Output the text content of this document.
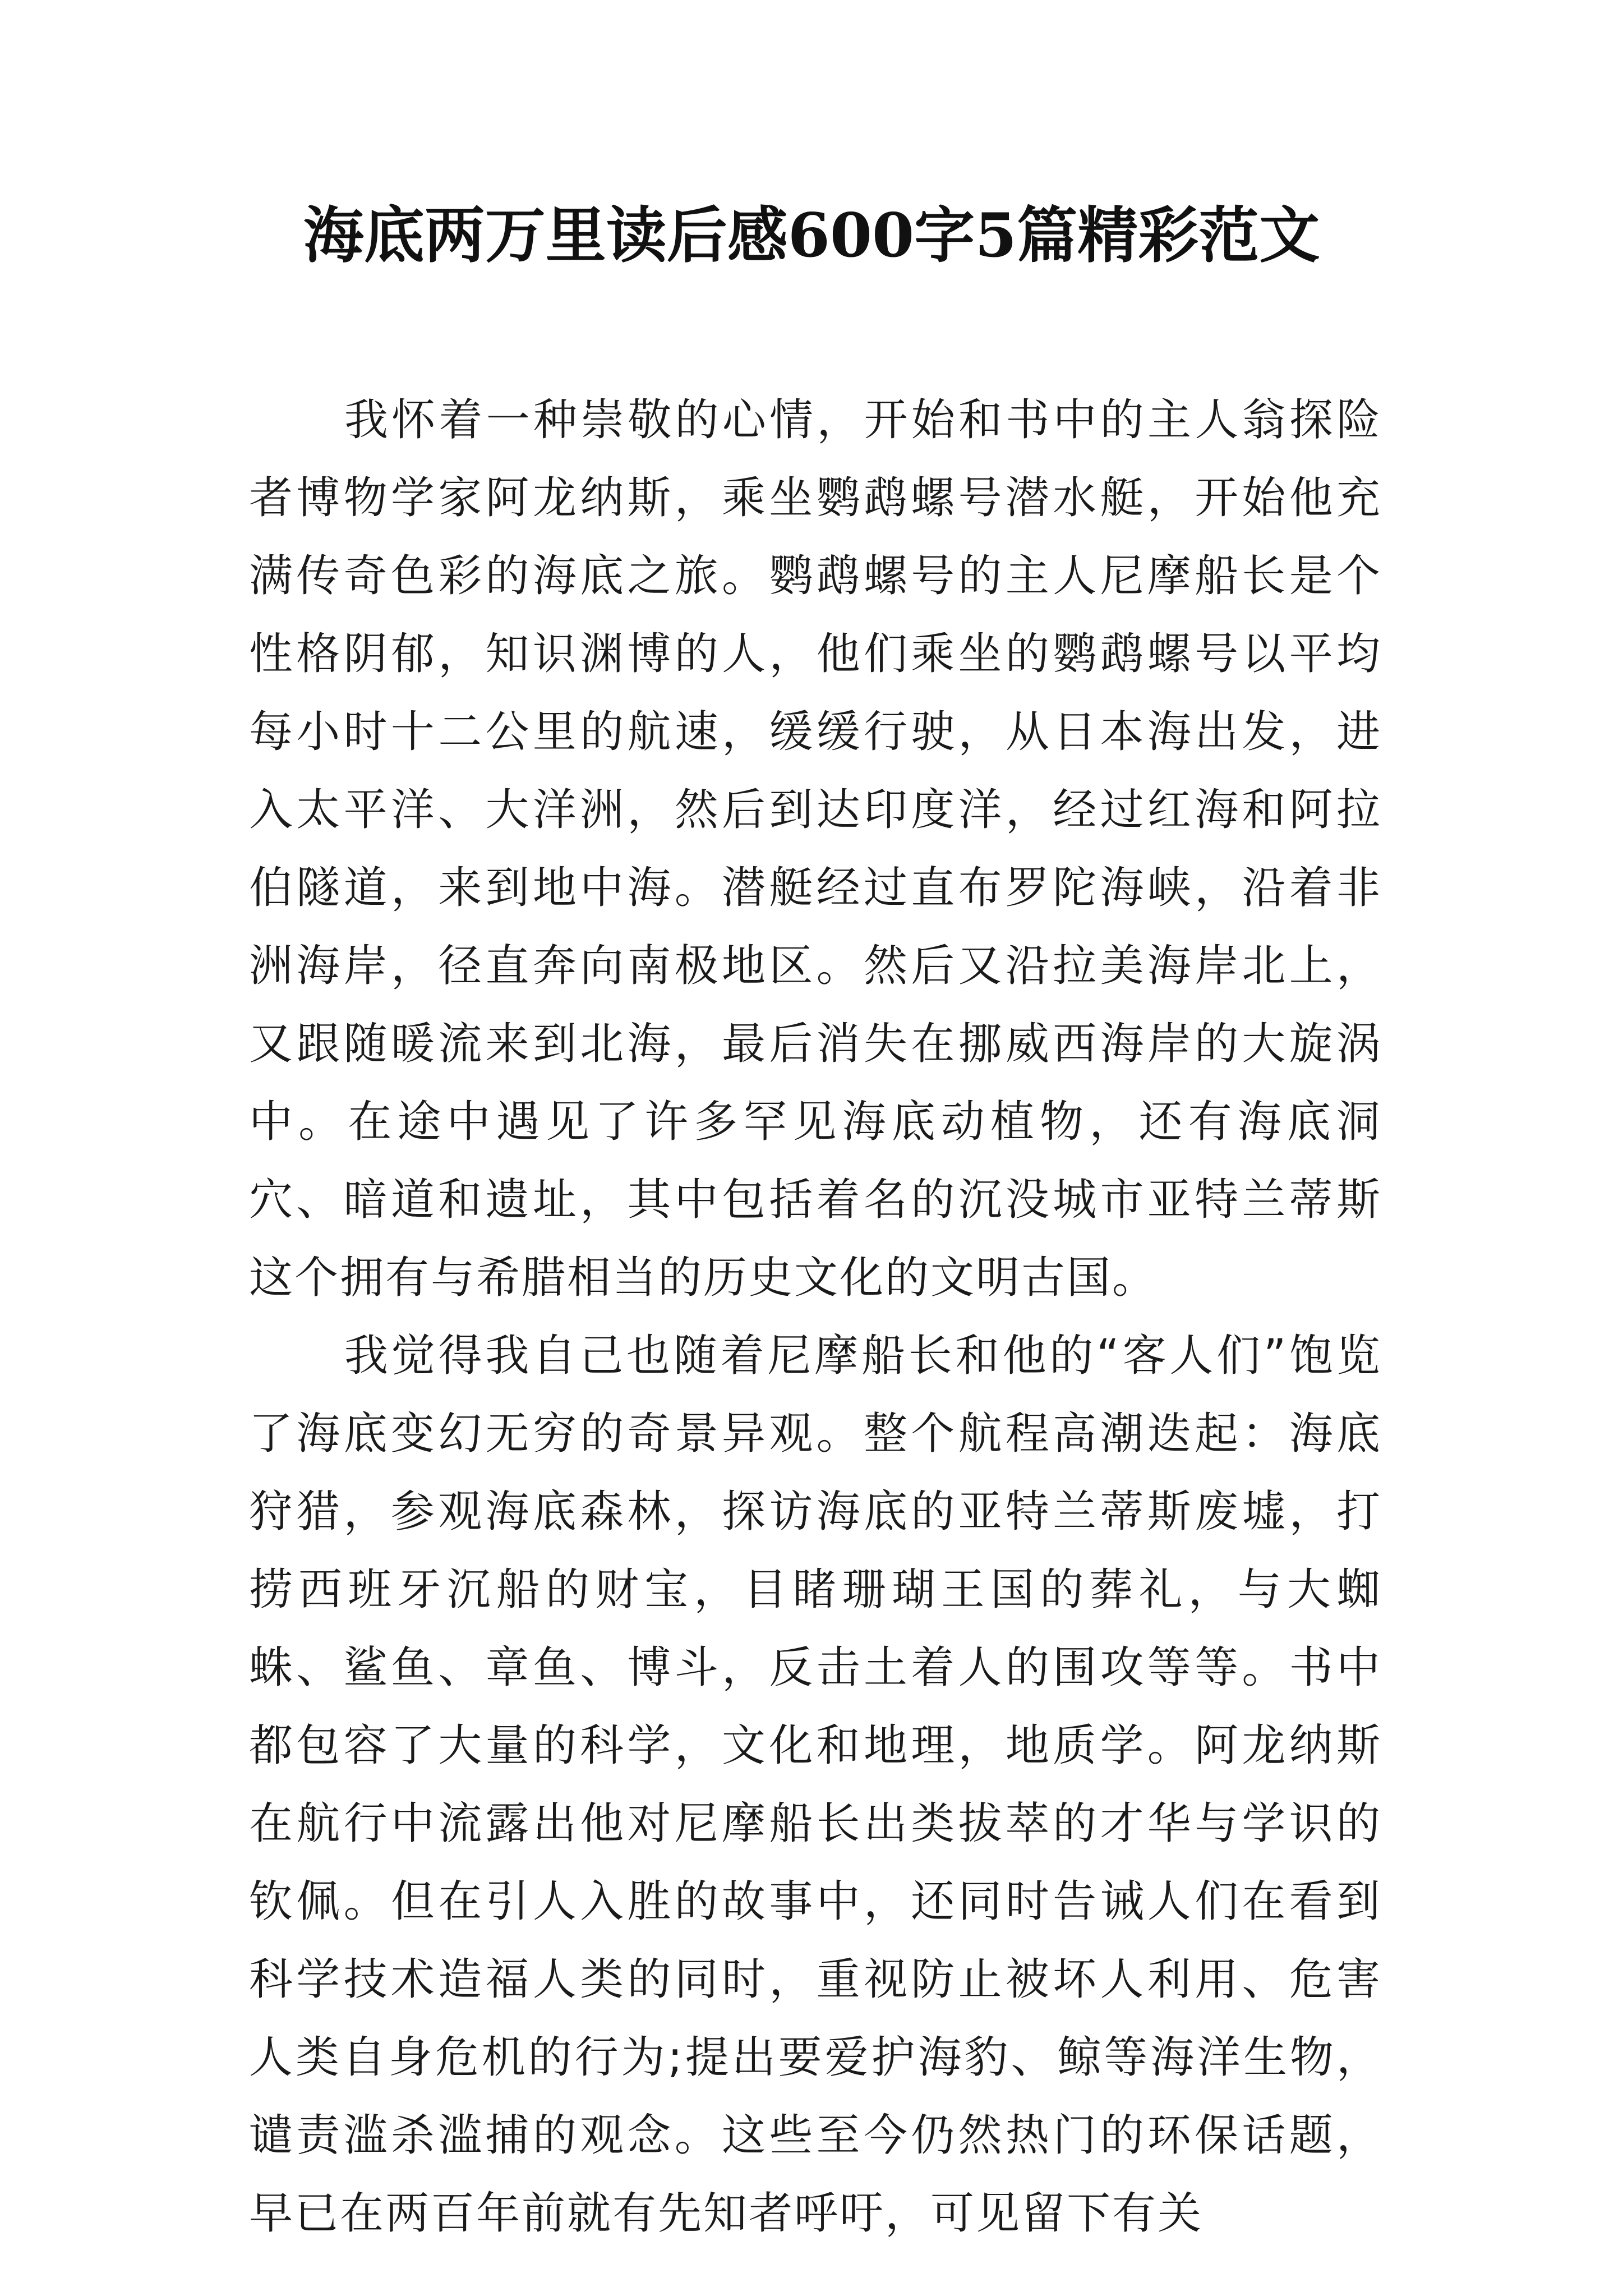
海底两万里读后感600字5篇精彩范文

我怀着一种崇敬的心情，开始和书中的主人翁探险者博物学家阿龙纳斯，乘坐鹦鹉螺号潜水艇，开始他充满传奇色彩的海底之旅。鹦鹉螺号的主人尼摩船长是个性格阴郁，知识渊博的人，他们乘坐的鹦鹉螺号以平均每小时十二公里的航速，缓缓行驶，从日本海出发，进入太平洋、大洋洲，然后到达印度洋，经过红海和阿拉伯隧道，来到地中海。潜艇经过直布罗陀海峡，沿着非洲海岸，径直奔向南极地区。然后又沿拉美海岸北上，又跟随暖流来到北海，最后消失在挪威西海岸的大旋涡中。在途中遇见了许多罕见海底动植物，还有海底洞穴、暗道和遗址，其中包括着名的沉没城市亚特兰蒂斯这个拥有与希腊相当的历史文化的文明古国。

我觉得我自己也随着尼摩船长和他的“客人们”饱览了海底变幻无穷的奇景异观。整个航程高潮迭起：海底狩猎，参观海底森林，探访海底的亚特兰蒂斯废墟，打捞西班牙沉船的财宝，目睹珊瑚王国的葬礼，与大蜘蛛、鲨鱼、章鱼、博斗，反击土着人的围攻等等。书中都包容了大量的科学，文化和地理，地质学。阿龙纳斯在航行中流露出他对尼摩船长出类拔萃的才华与学识的钦佩。但在引人入胜的故事中，还同时告诫人们在看到科学技术造福人类的同时，重视防止被坏人利用、危害人类自身危机的行为;提出要爱护海豹、鲸等海洋生物，谴责滥杀滥捕的观念。这些至今仍然热门的环保话题，早已在两百年前就有先知者呼吁，可见留下有关
